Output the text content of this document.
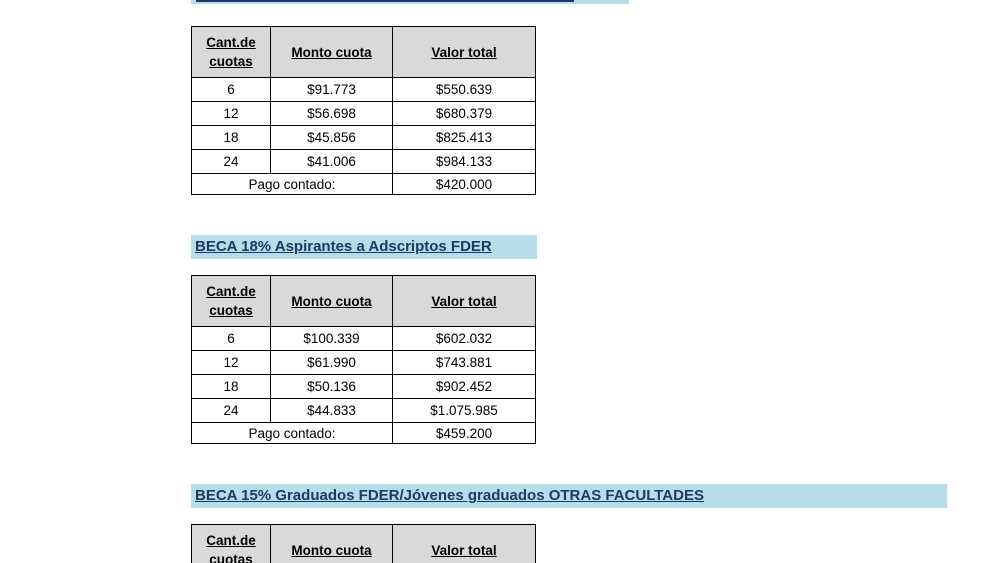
Cant.de cuotas	Monto cuota	Valor total
6	$91.773	$550.639
12	$56.698	$680.379
18	$45.856	$825.413
24	$41.006	$984.133
Pago contado:		$420.000
BECA 18% Aspirantes a Adscriptos FDER
Cant.de cuotas	Monto cuota	Valor total
6	$100.339	$602.032
12	$61.990	$743.881
18	$50.136	$902.452
24	$44.833	$1.075.985
Pago contado:		$459.200
BECA 15% Graduados FDER/Jóvenes graduados OTRAS FACULTADES
Cant.de cuotas	Monto cuota	Valor total
